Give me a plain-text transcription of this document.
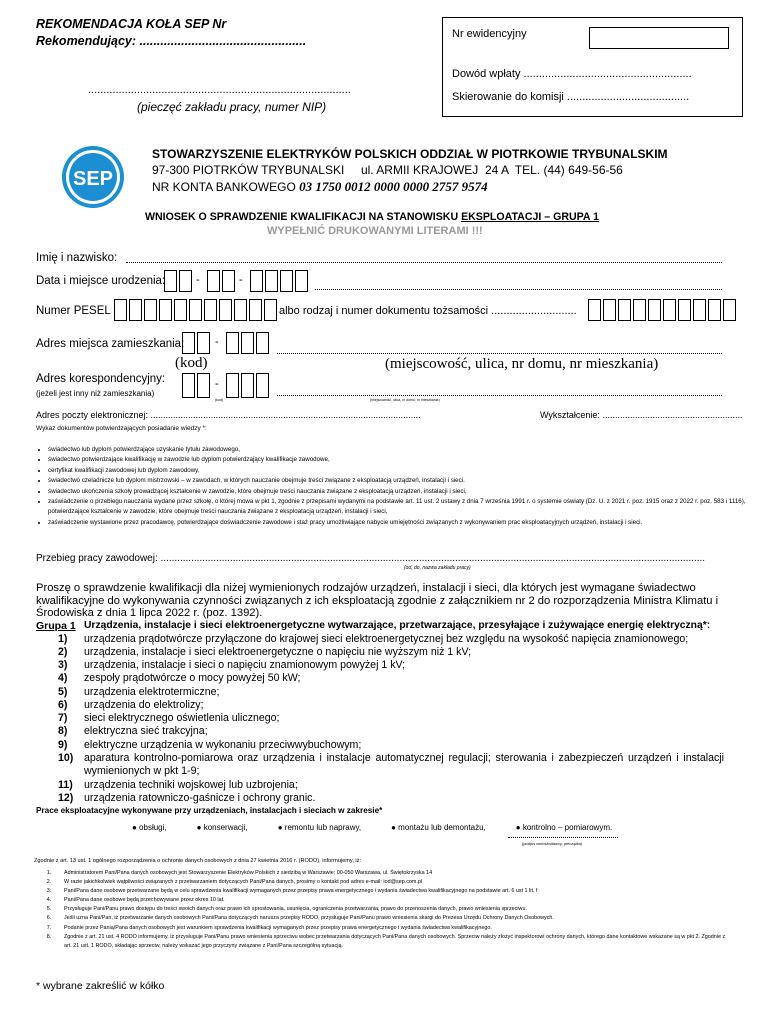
REKOMENDACJA KOŁA SEP Nr
Rekomendujący: ................................................
......................................................................................
(pieczęć zakładu pracy, numer NIP)
Nr ewidencyjny
Dowód wpłaty .......................................................
Skierowanie do komisji ........................................
SEP
STOWARZYSZENIE ELEKTRYKÓW POLSKICH ODDZIAŁ W PIOTRKOWIE TRYBUNALSKIM
97-300 PIOTRKÓW TRYBUNALSKI     ul. ARMII KRAJOWEJ  24 A  TEL. (44) 649-56-56
NR KONTA BANKOWEGO 03 1750 0012 0000 0000 2757 9574
WNIOSEK O SPRAWDZENIE KWALIFIKACJI NA STANOWISKU EKSPLOATACJI – GRUPA 1
WYPEŁNIĆ DRUKOWANYMI LITERAMI !!!
Imię i nazwisko:
Data i miejsce urodzenia:	-	-
Numer PESEL	albo rodzaj i numer dokumentu tożsamości ............................
Adres miejsca zamieszkania:	-
(kod)	(miejscowość, ulica, nr domu, nr mieszkania)
Adres korespondencyjny:
(jeżeli jest inny niż zamieszkania)
-
(kod)	(miejscowość, ulica, nr domu, nr mieszkania)
Adres poczty elektronicznej: ............................................................................................................	Wykształcenie: ........................................................
Wykaz dokumentów potwierdzających posiadanie wiedzy *:
• świadectwo lub dyplom potwierdzające uzyskanie tytułu zawodowego,
• świadectwo potwierdzające kwalifikację w zawodzie lub dyplom potwierdzający kwalifikacje zawodowe,
• certyfikat kwalifikacji zawodowej lub dyplom zawodowy,
• świadectwo czeladnicze lub dyplom mistrzowski – w zawodach, w których nauczanie obejmuje treści związane z eksploatacją urządzeń, instalacji i sieci.
• świadectwo ukończenia szkoły prowadzącej kształcenie w zawodzie, które obejmuje treści nauczania związane z eksploatacją urządzeń, instalacji i sieci,
• zaświadczenie o przebiegu nauczania wydane przez szkołę, o której mowa w pkt 1, zgodnie z przepisami wydanymi na podstawie art. 11 ust. 2 ustawy z dnia 7 września 1991 r. o systemie oświaty (Dz. U. z 2021 r. poz. 1915 oraz z 2022 r. poz. 583 i 1116), potwierdzające kształcenie w zawodzie, które obejmuje treści nauczania związane z eksploatacją urządzeń, instalacji i sieci,
• zaświadczenie wystawione przez pracodawcę, potwierdzające doświadczenie zawodowe i staż pracy umożliwiające nabycie umiejętności związanych z wykonywaniem prac eksploatacyjnych urządzeń, instalacji i sieci.
Przebieg pracy zawodowej: ....................................................................................................................................................................................................
(od, do, nazwa zakładu pracy)
Proszę o sprawdzenie kwalifikacji dla niżej wymienionych rodzajów urządzeń, instalacji i sieci, dla których jest wymagane świadectwo kwalifikacyjne do wykonywania czynności związanych z ich eksploatacją zgodnie z załącznikiem nr 2 do rozporządzenia Ministra Klimatu i Środowiska z dnia 1 lipca 2022 r. (poz. 1392).
Grupa 1 Urządzenia, instalacje i sieci elektroenergetyczne wytwarzające, przetwarzające, przesyłające i zużywające energię elektryczną*:
1) urządzenia prądotwórcze przyłączone do krajowej sieci elektroenergetycznej bez względu na wysokość napięcia znamionowego;
2) urządzenia, instalacje i sieci elektroenergetyczne o napięciu nie wyższym niż 1 kV;
3) urządzenia, instalacje i sieci o napięciu znamionowym powyżej 1 kV;
4) zespoły prądotwórcze o mocy powyżej 50 kW;
5) urządzenia elektrotermiczne;
6) urządzenia do elektrolizy;
7) sieci elektrycznego oświetlenia ulicznego;
8) elektryczna sieć trakcyjna;
9) elektryczne urządzenia w wykonaniu przeciwwybuchowym;
10)	aparatura kontrolno-pomiarowa oraz urządzenia i instalacje automatycznej regulacji; sterowania i zabezpieczeń urządzeń i instalacji wymienionych w pkt 1-9;
11) urządzenia techniki wojskowej lub uzbrojenia;
12) urządzenia ratowniczo-gaśnicze i ochrony granic.
Prace eksploatacyjne wykonywane przy urządzeniach, instalacjach i sieciach w zakresie*
● obsługi,	● konserwacji,	● remontu lub naprawy,	● montażu lub demontażu,	● kontrolno – pomiarowym.
(podpis wnioskodawcy, pieczątka)
Zgodnie z art. 13 ust. 1 ogólnego rozporządzenia o ochronie danych osobowych z dnia 27 kwietnia 2016 r. (RODO), informujemy, iż:
1.	Administratorem Pani/Pana danych osobowych jest Stowarzyszenie Elektryków Polskich z siedzibą w Warszawie; 00-050 Warszawa, ul. Świętokrzyska 14
2.	W razie jakichkolwiek wątpliwości związanych z przetwarzaniem dotyczących Pani/Pana danych, prosimy o kontakt pod adres e-mail: iod@sep.com.pl
3.	Pani/Pana dane osobowe przetwarzane będą w celu sprawdzenia kwalifikacji wymaganych przez przepisy prawa energetycznego i wydania świadectwa kwalifikacyjnego na podstawie art. 6 ust 1 lit. f
4.	Pani/Pana dane osobowe będą przechowywane przez okres 10 lat.
5.	Przysługuje Pani/Panu prawo dostępu do treści swoich danych oraz prawo ich sprostowania, usunięcia, ograniczenia przetwarzania, prawo do przenoszenia danych, prawo wniesienia sprzeciwu.
6.	Jeśli uzna Pani/Pan, iż przetwarzanie danych osobowych Pani/Pana dotyczących narusza przepisy RODO, przysługuje Pani/Panu prawo wniesienia skargi do Prezesa Urzędu Ochrony Danych Osobowych.
7.	Podanie przez Panią/Pana danych osobowych jest warunkiem sprawdzenia kwalifikacji wymaganych przez przepisy prawa energetycznego i wydania świadectwa kwalifikacyjnego.
8.	Zgodnie z art. 21 ust. 4 RODO informujemy, iż przysługuje Pani/Panu prawo wniesienia sprzeciwu wobec przetwarzania dotyczących Pani/Pana danych osobowych. Sprzeciw należy złożyć inspektorowi ochrony danych, którego dane kontaktowe wskazane są w pkt 2. Zgodnie z art. 21 ust. 1 RODO, składając sprzeciw, należy wskazać jego przyczyny związane z Pani/Pana szczególną sytuacją.
* wybrane zakreślić w kółko
